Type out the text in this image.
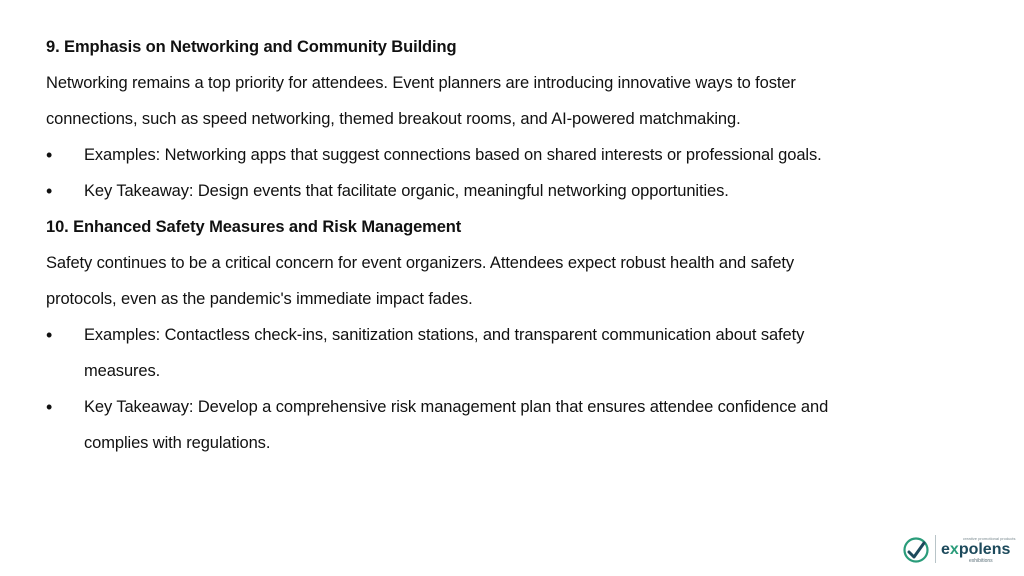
9. Emphasis on Networking and Community Building
Networking remains a top priority for attendees. Event planners are introducing innovative ways to foster
connections, such as speed networking, themed breakout rooms, and AI-powered matchmaking.
•	Examples: Networking apps that suggest connections based on shared interests or professional goals.
•	Key Takeaway: Design events that facilitate organic, meaningful networking opportunities.
10. Enhanced Safety Measures and Risk Management
Safety continues to be a critical concern for event organizers. Attendees expect robust health and safety
protocols, even as the pandemic's immediate impact fades.
•	Examples: Contactless check-ins, sanitization stations, and transparent communication about safety
measures.
•	Key Takeaway: Develop a comprehensive risk management plan that ensures attendee confidence and
complies with regulations.
creative promotional products
expolens
exhibitions
